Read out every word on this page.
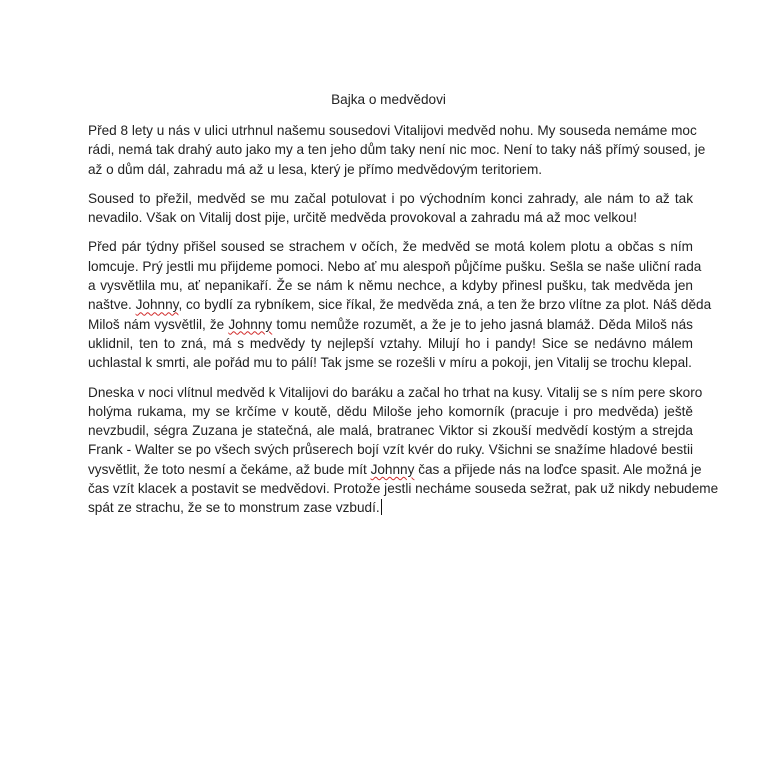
Bajka o medvědovi
Před 8 lety u nás v ulici utrhnul našemu sousedovi Vitalijovi medvěd nohu. My souseda nemáme moc
rádi, nemá tak drahý auto jako my a ten jeho dům taky není nic moc. Není to taky náš přímý soused, je
až o dům dál, zahradu má až u lesa, který je přímo medvědovým teritoriem.
Soused to přežil, medvěd se mu začal potulovat i po východním konci zahrady, ale nám to až tak
nevadilo. Však on Vitalij dost pije, určitě medvěda provokoval a zahradu má až moc velkou!
Před pár týdny přišel soused se strachem v očích, že medvěd se motá kolem plotu a občas s ním
lomcuje. Prý jestli mu přijdeme pomoci. Nebo ať mu alespoň půjčíme pušku. Sešla se naše uliční rada
a vysvětlila mu, ať nepanikaří. Že se nám k němu nechce, a kdyby přinesl pušku, tak medvěda jen
naštve. Johnny, co bydlí za rybníkem, sice říkal, že medvěda zná, a ten že brzo vlítne za plot. Náš děda
Miloš nám vysvětlil, že Johnny tomu nemůže rozumět, a že je to jeho jasná blamáž. Děda Miloš nás
uklidnil, ten to zná, má s medvědy ty nejlepší vztahy. Milují ho i pandy! Sice se nedávno málem
uchlastal k smrti, ale pořád mu to pálí! Tak jsme se rozešli v míru a pokoji, jen Vitalij se trochu klepal.
Dneska v noci vlítnul medvěd k Vitalijovi do baráku a začal ho trhat na kusy. Vitalij se s ním pere skoro
holýma rukama, my se krčíme v koutě, dědu Miloše jeho komorník (pracuje i pro medvěda) ještě
nevzbudil, ségra Zuzana je statečná, ale malá, bratranec Viktor si zkouší medvědí kostým a strejda
Frank - Walter se po všech svých průserech bojí vzít kvér do ruky. Všichni se snažíme hladové bestii
vysvětlit, že toto nesmí a čekáme, až bude mít Johnny čas a přijede nás na loďce spasit. Ale možná je
čas vzít klacek a postavit se medvědovi. Protože jestli necháme souseda sežrat, pak už nikdy nebudeme
spát ze strachu, že se to monstrum zase vzbudí.
